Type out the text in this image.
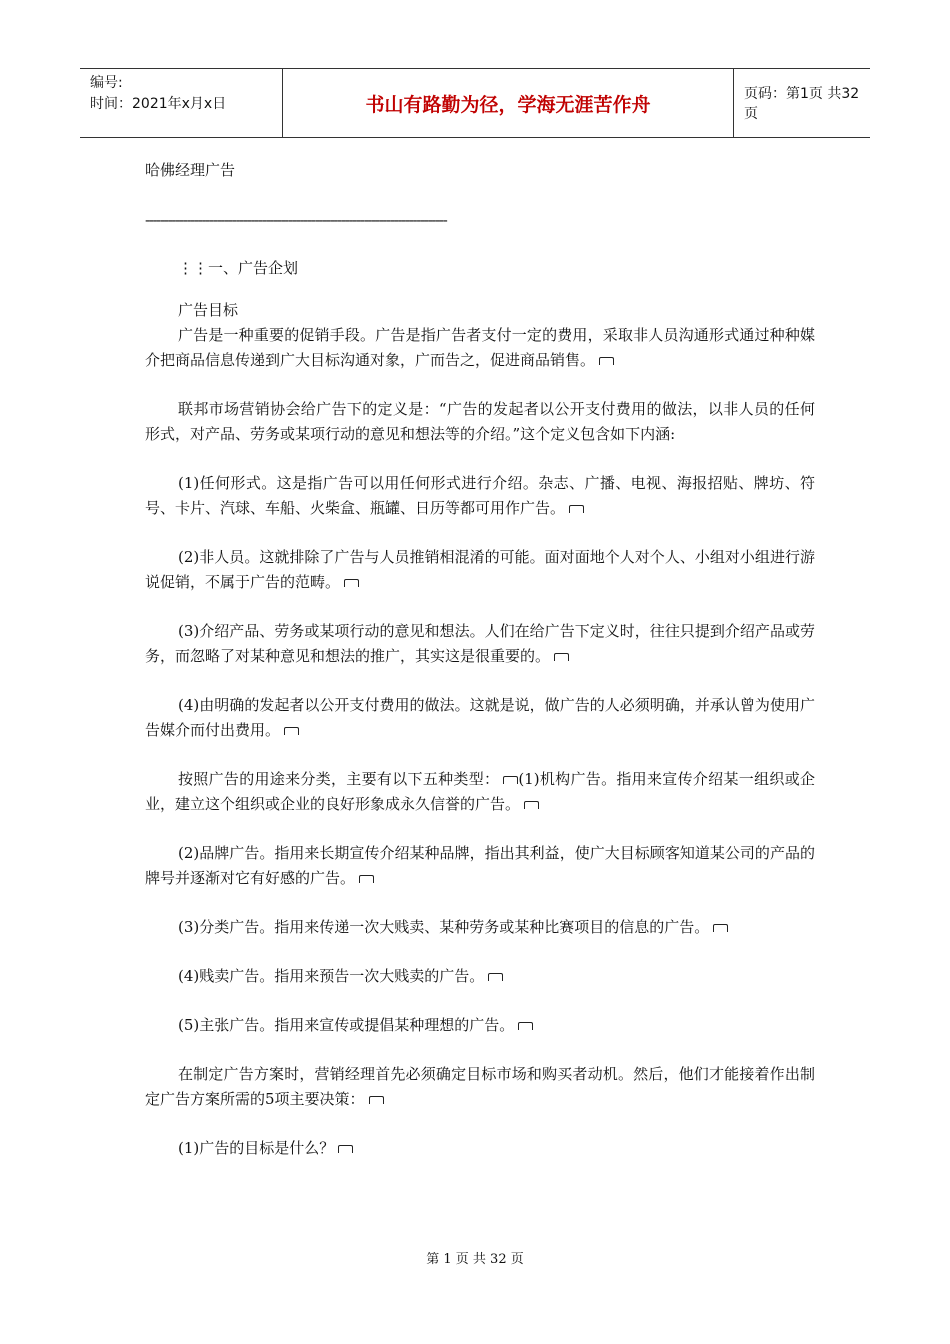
编号:
时间：2021年x月x日	书山有路勤为径，学海无涯苦作舟	页码：第1页 共32页
哈佛经理广告
--------------------------------------------------------------------------------
⋮⋮一、广告企划

广告目标

广告是一种重要的促销手段。广告是指广告者支付一定的费用，采取非人员沟通形式通过种种媒介把商品信息传递到广大目标沟通对象，广而告之，促进商品销售。

联邦市场营销协会给广告下的定义是：“广告的发起者以公开支付费用的做法，以非人员的任何形式，对产品、劳务或某项行动的意见和想法等的介绍。”这个定义包含如下内涵:

(1)任何形式。这是指广告可以用任何形式进行介绍。杂志、广播、电视、海报招贴、牌坊、符号、卡片、汽球、车船、火柴盒、瓶罐、日历等都可用作广告。

(2)非人员。这就排除了广告与人员推销相混淆的可能。面对面地个人对个人、小组对小组进行游说促销，不属于广告的范畴。

(3)介绍产品、劳务或某项行动的意见和想法。人们在给广告下定义时，往往只提到介绍产品或劳务，而忽略了对某种意见和想法的推广，其实这是很重要的。

(4)由明确的发起者以公开支付费用的做法。这就是说，做广告的人必须明确，并承认曾为使用广告媒介而付出费用。

按照广告的用途来分类，主要有以下五种类型： (1)机构广告。指用来宣传介绍某一组织或企业，建立这个组织或企业的良好形象成永久信誉的广告。

(2)品牌广告。指用来长期宣传介绍某种品牌，指出其利益，使广大目标顾客知道某公司的产品的牌号并逐渐对它有好感的广告。

(3)分类广告。指用来传递一次大贱卖、某种劳务或某种比赛项目的信息的广告。

(4)贱卖广告。指用来预告一次大贱卖的广告。

(5)主张广告。指用来宣传或提倡某种理想的广告。

在制定广告方案时，营销经理首先必须确定目标市场和购买者动机。然后，他们才能接着作出制定广告方案所需的5项主要决策：

(1)广告的目标是什么？

第 1 页 共 32 页
